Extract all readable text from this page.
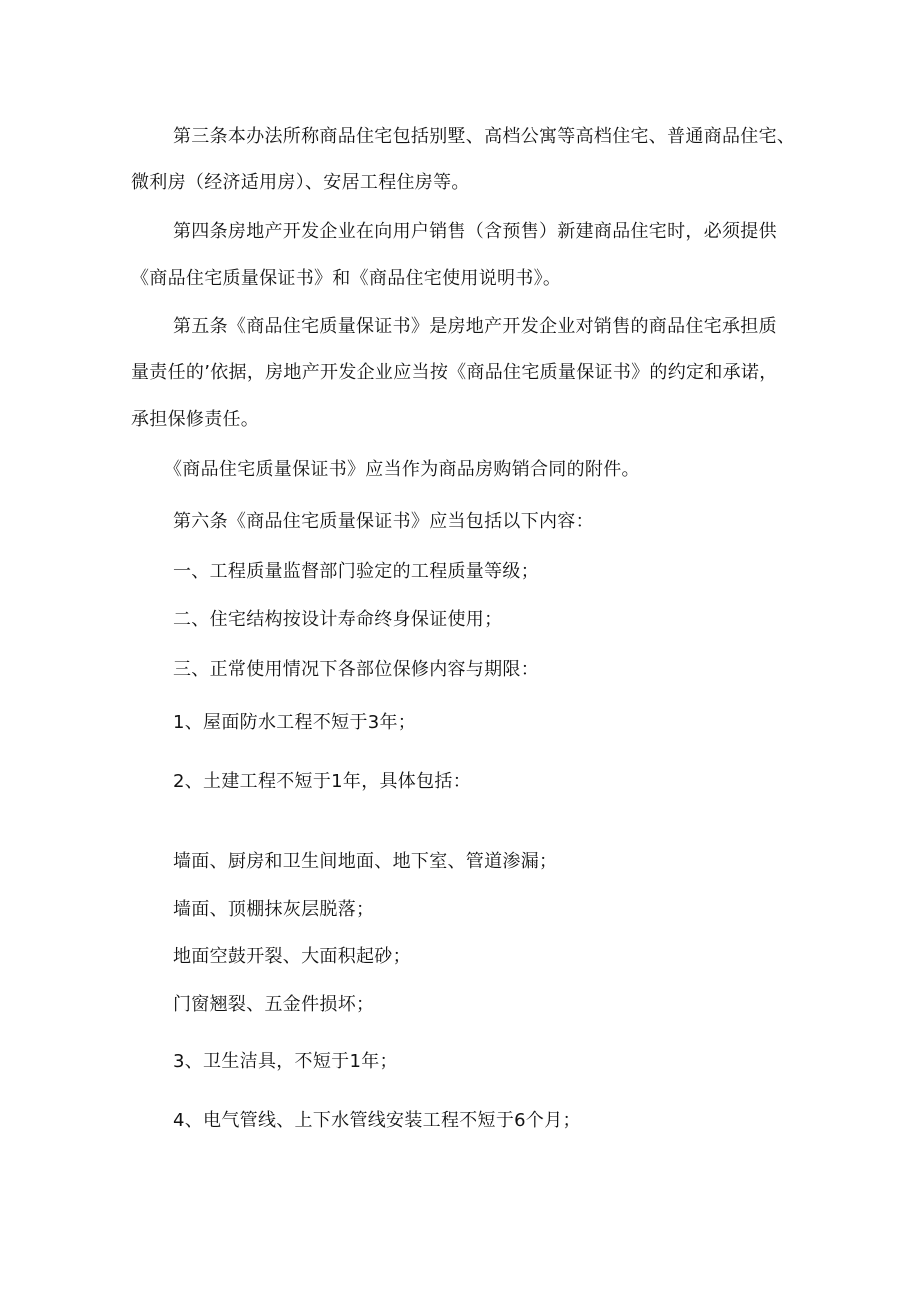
第三条本办法所称商品住宅包括别墅、高档公寓等高档住宅、普通商品住宅、
微利房（经济适用房）、安居工程住房等。
第四条房地产开发企业在向用户销售（含预售）新建商品住宅时，必须提供
《商品住宅质量保证书》和《商品住宅使用说明书》。
第五条《商品住宅质量保证书》是房地产开发企业对销售的商品住宅承担质
量责任的’依据，房地产开发企业应当按《商品住宅质量保证书》的约定和承诺，
承担保修责任。
《商品住宅质量保证书》应当作为商品房购销合同的附件。
第六条《商品住宅质量保证书》应当包括以下内容：
一、工程质量监督部门验定的工程质量等级；
二、住宅结构按设计寿命终身保证使用；
三、正常使用情况下各部位保修内容与期限：
1、屋面防水工程不短于3年；
2、土建工程不短于1年，具体包括：
墙面、厨房和卫生间地面、地下室、管道渗漏；
墙面、顶棚抹灰层脱落；
地面空鼓开裂、大面积起砂；
门窗翘裂、五金件损坏；
3、卫生洁具，不短于1年；
4、电气管线、上下水管线安装工程不短于6个月；
